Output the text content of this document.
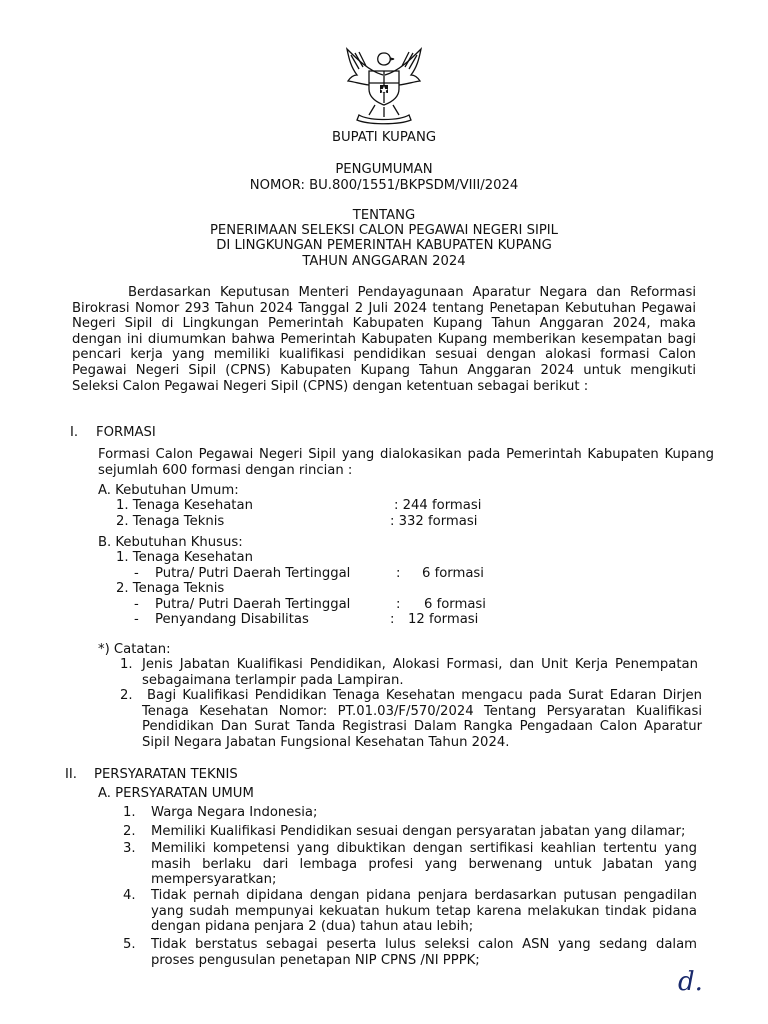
BUPATI KUPANG
PENGUMUMAN
NOMOR: BU.800/1551/BKPSDM/VIII/2024
TENTANG
PENERIMAAN SELEKSI CALON PEGAWAI NEGERI SIPIL
DI LINGKUNGAN PEMERINTAH KABUPATEN KUPANG
TAHUN ANGGARAN 2024
Berdasarkan Keputusan Menteri Pendayagunaan Aparatur Negara dan Reformasi Birokrasi Nomor 293 Tahun 2024 Tanggal 2 Juli 2024 tentang Penetapan Kebutuhan Pegawai Negeri Sipil di Lingkungan Pemerintah Kabupaten Kupang Tahun Anggaran 2024, maka dengan ini diumumkan bahwa Pemerintah Kabupaten Kupang memberikan kesempatan bagi pencari kerja yang memiliki kualifikasi pendidikan sesuai dengan alokasi formasi Calon Pegawai Negeri Sipil (CPNS) Kabupaten Kupang Tahun Anggaran 2024 untuk mengikuti Seleksi Calon Pegawai Negeri Sipil (CPNS) dengan ketentuan sebagai berikut :
I. FORMASI
Formasi Calon Pegawai Negeri Sipil yang dialokasikan pada Pemerintah Kabupaten Kupang sejumlah 600 formasi dengan rincian :
A. Kebutuhan Umum:
1. Tenaga Kesehatan	: 244 formasi
2. Tenaga Teknis	: 332 formasi
B. Kebutuhan Khusus:
1. Tenaga Kesehatan
- Putra/ Putri Daerah Tertinggal	: 6 formasi
2. Tenaga Teknis
- Putra/ Putri Daerah Tertinggal	: 6 formasi
- Penyandang Disabilitas	: 12 formasi
*) Catatan:
1. Jenis Jabatan Kualifikasi Pendidikan, Alokasi Formasi, dan Unit Kerja Penempatan sebagaimana terlampir pada Lampiran.
2.	Bagi Kualifikasi Pendidikan Tenaga Kesehatan mengacu pada Surat Edaran Dirjen Tenaga Kesehatan Nomor: PT.01.03/F/570/2024 Tentang Persyaratan Kualifikasi Pendidikan Dan Surat Tanda Registrasi Dalam Rangka Pengadaan Calon Aparatur Sipil Negara Jabatan Fungsional Kesehatan Tahun 2024.
II. PERSYARATAN TEKNIS
A. PERSYARATAN UMUM
1. Warga Negara Indonesia;
2. Memiliki Kualifikasi Pendidikan sesuai dengan persyaratan jabatan yang dilamar;
3. Memiliki kompetensi yang dibuktikan dengan sertifikasi keahlian tertentu yang masih berlaku dari lembaga profesi yang berwenang untuk Jabatan yang mempersyaratkan;
4. Tidak pernah dipidana dengan pidana penjara berdasarkan putusan pengadilan yang sudah mempunyai kekuatan hukum tetap karena melakukan tindak pidana dengan pidana penjara 2 (dua) tahun atau lebih;
5. Tidak berstatus sebagai peserta lulus seleksi calon ASN yang sedang dalam proses pengusulan penetapan NIP CPNS /NI PPPK;
d.
